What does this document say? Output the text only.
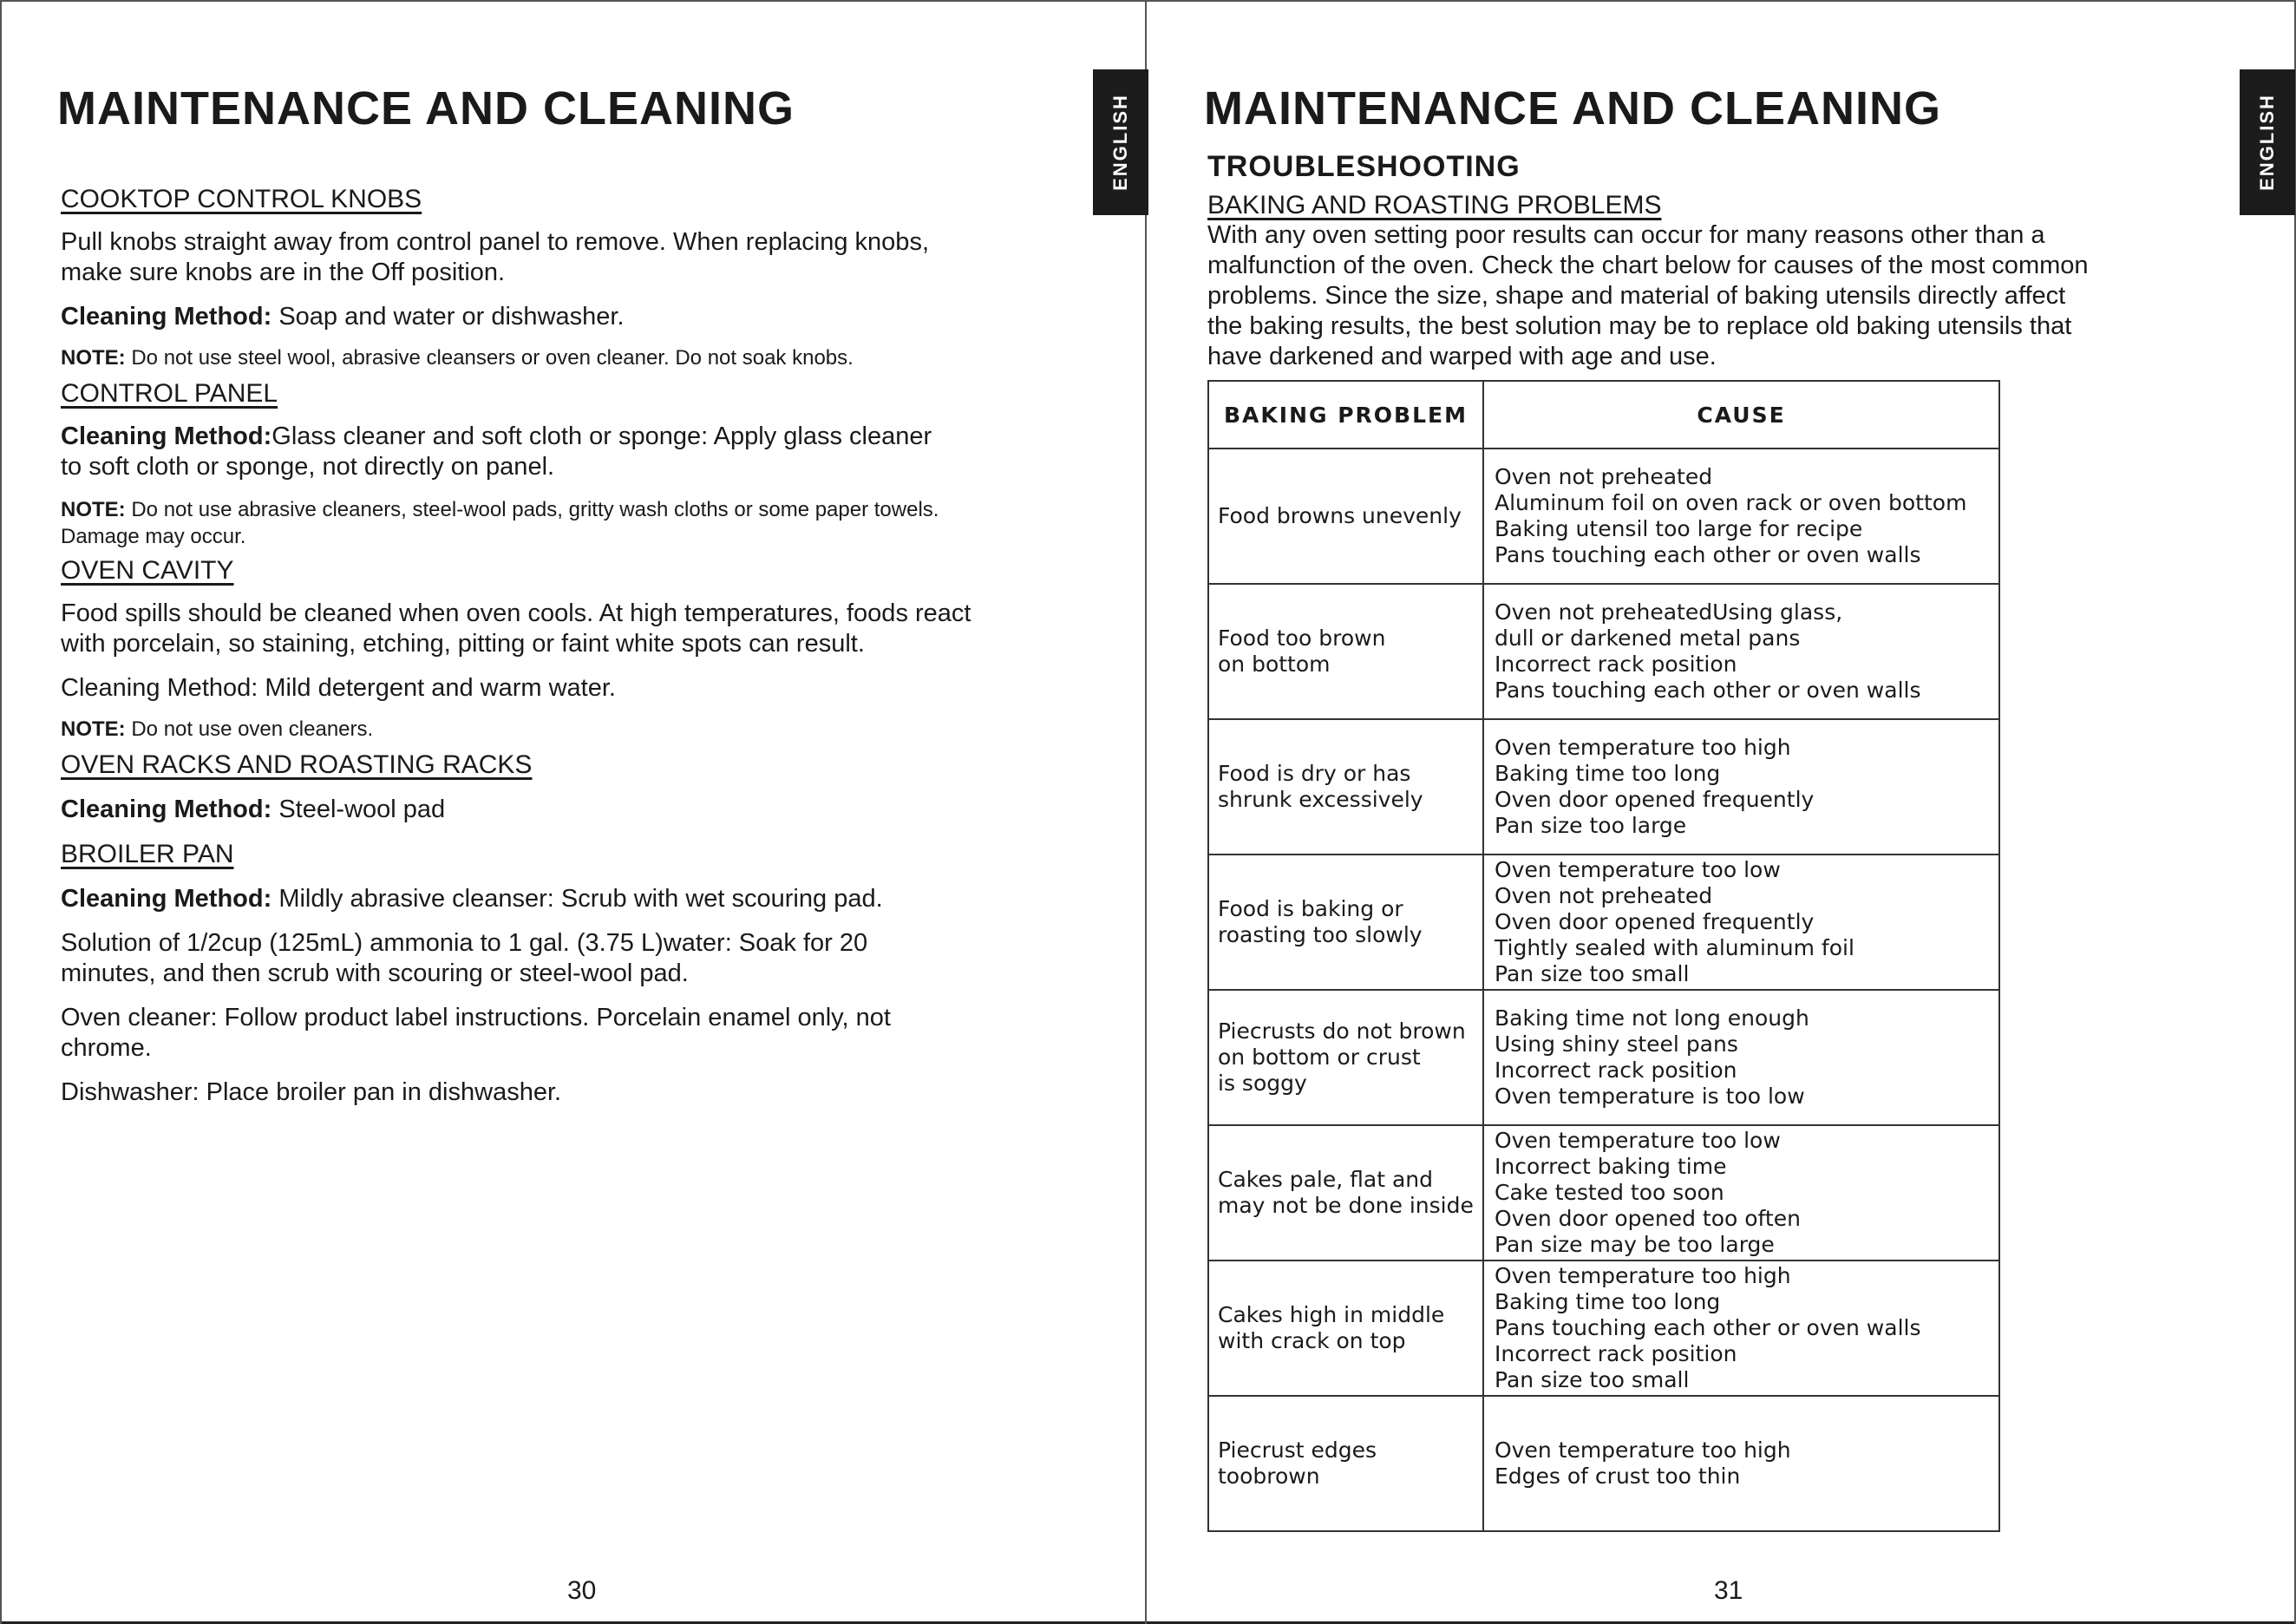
MAINTENANCE AND CLEANING	ENGLISH

COOKTOP CONTROL KNOBS

Pull knobs straight away from control panel to remove. When replacing knobs, make sure knobs are in the Off position.

Cleaning Method: Soap and water or dishwasher.

NOTE: Do not use steel wool, abrasive cleansers or oven cleaner. Do not soak knobs.

CONTROL PANEL

Cleaning Method:Glass cleaner and soft cloth or sponge: Apply glass cleaner to soft cloth or sponge, not directly on panel.

NOTE: Do not use abrasive cleaners, steel-wool pads, gritty wash cloths or some paper towels. Damage may occur.

OVEN CAVITY

Food spills should be cleaned when oven cools. At high temperatures, foods react with porcelain, so staining, etching, pitting or faint white spots can result.

Cleaning Method: Mild detergent and warm water.

NOTE: Do not use oven cleaners.

OVEN RACKS AND ROASTING RACKS

Cleaning Method: Steel-wool pad

BROILER PAN

Cleaning Method: Mildly abrasive cleanser: Scrub with wet scouring pad.

Solution of 1/2cup (125mL) ammonia to 1 gal. (3.75 L)water: Soak for 20 minutes, and then scrub with scouring or steel-wool pad.

Oven cleaner: Follow product label instructions. Porcelain enamel only, not chrome.

Dishwasher: Place broiler pan in dishwasher.

30
MAINTENANCE AND CLEANING	ENGLISH
TROUBLESHOOTING
BAKING AND ROASTING PROBLEMS
With any oven setting poor results can occur for many reasons other than a
malfunction of the oven. Check the chart below for causes of the most common
problems. Since the size, shape and material of baking utensils directly affect
the baking results, the best solution may be to replace old baking utensils that
have darkened and warped with age and use.
31
BAKING PROBLEM	CAUSE

Food browns unevenly	Oven not preheated
Aluminum foil on oven rack or oven bottom
Baking utensil too large for recipe
Pans touching each other or oven walls

Food too brown
on bottom	Oven not preheatedUsing glass,
dull or darkened metal pans
Incorrect rack position
Pans touching each other or oven walls

Food is dry or has
shrunk excessively	Oven temperature too high
Baking time too long
Oven door opened frequently
Pan size too large

Food is baking or
roasting too slowly	Oven temperature too low
Oven not preheated
Oven door opened frequently
Tightly sealed with aluminum foil
Pan size too small

Piecrusts do not brown
on bottom or crust
is soggy	Baking time not long enough
Using shiny steel pans
Incorrect rack position
Oven temperature is too low

Cakes pale, flat and
may not be done inside	Oven temperature too low
Incorrect baking time
Cake tested too soon
Oven door opened too often
Pan size may be too large

Cakes high in middle
with crack on top	Oven temperature too high
Baking time too long
Pans touching each other or oven walls
Incorrect rack position
Pan size too small

Piecrust edges
toobrown	Oven temperature too high
Edges of crust too thin
